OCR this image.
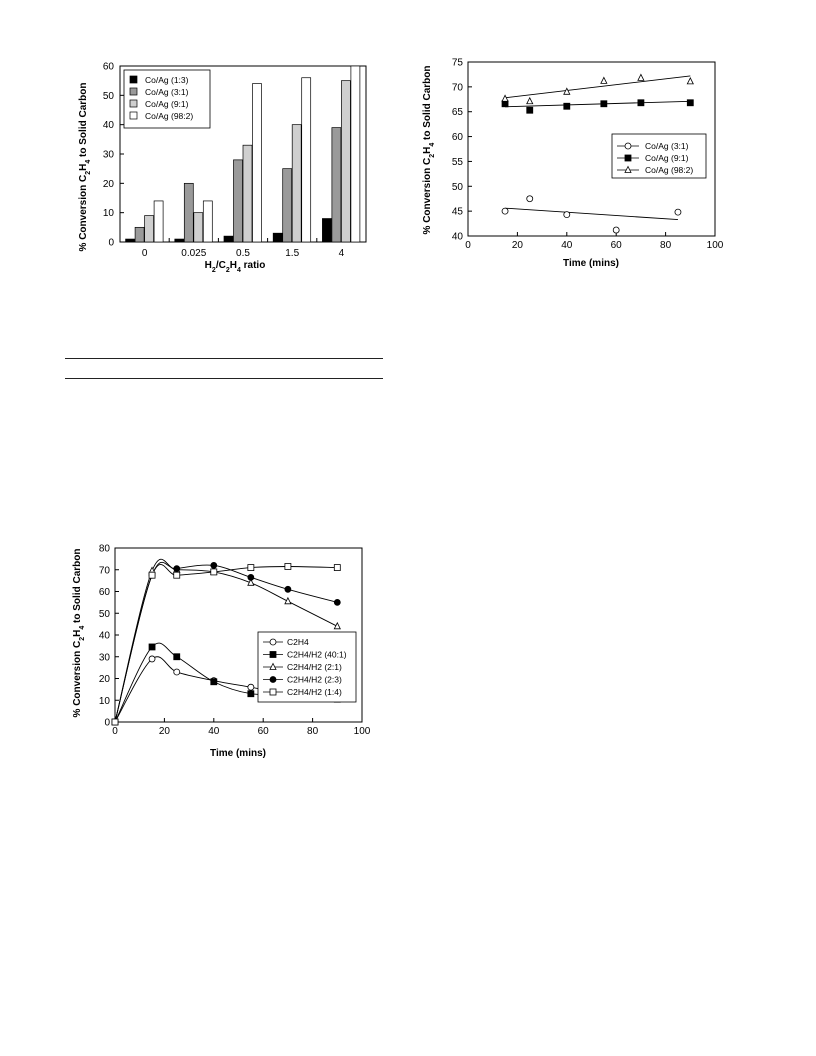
% Conversion $C_2H_4$ to Solid Carbon
$H_2/C_2H_4$ ratio
0
10
20
30
40
50
60
0	0.025	0.5	1.5	4
Co/Ag (1:3)
Co/Ag (3:1)
Co/Ag (9:1)
Co/Ag (98:2)
% Conversion $C_2H_4$ to Solid Carbon
Time (mins)
0	20	40	60	80	100
40
45
50
55
60
65
70
75
Co/Ag (3:1)
Co/Ag (9:1)
Co/Ag (98:2)
% Conversion $C_2H_4$ to Solid Carbon
Time (mins)
0	20	40	60	80	100
0
10
20
30
40
50
60
70
80
C2H4
C2H4/H2 (40:1)
C2H4/H2 (2:1)
C2H4/H2 (2:3)
C2H4/H2 (1:4)
